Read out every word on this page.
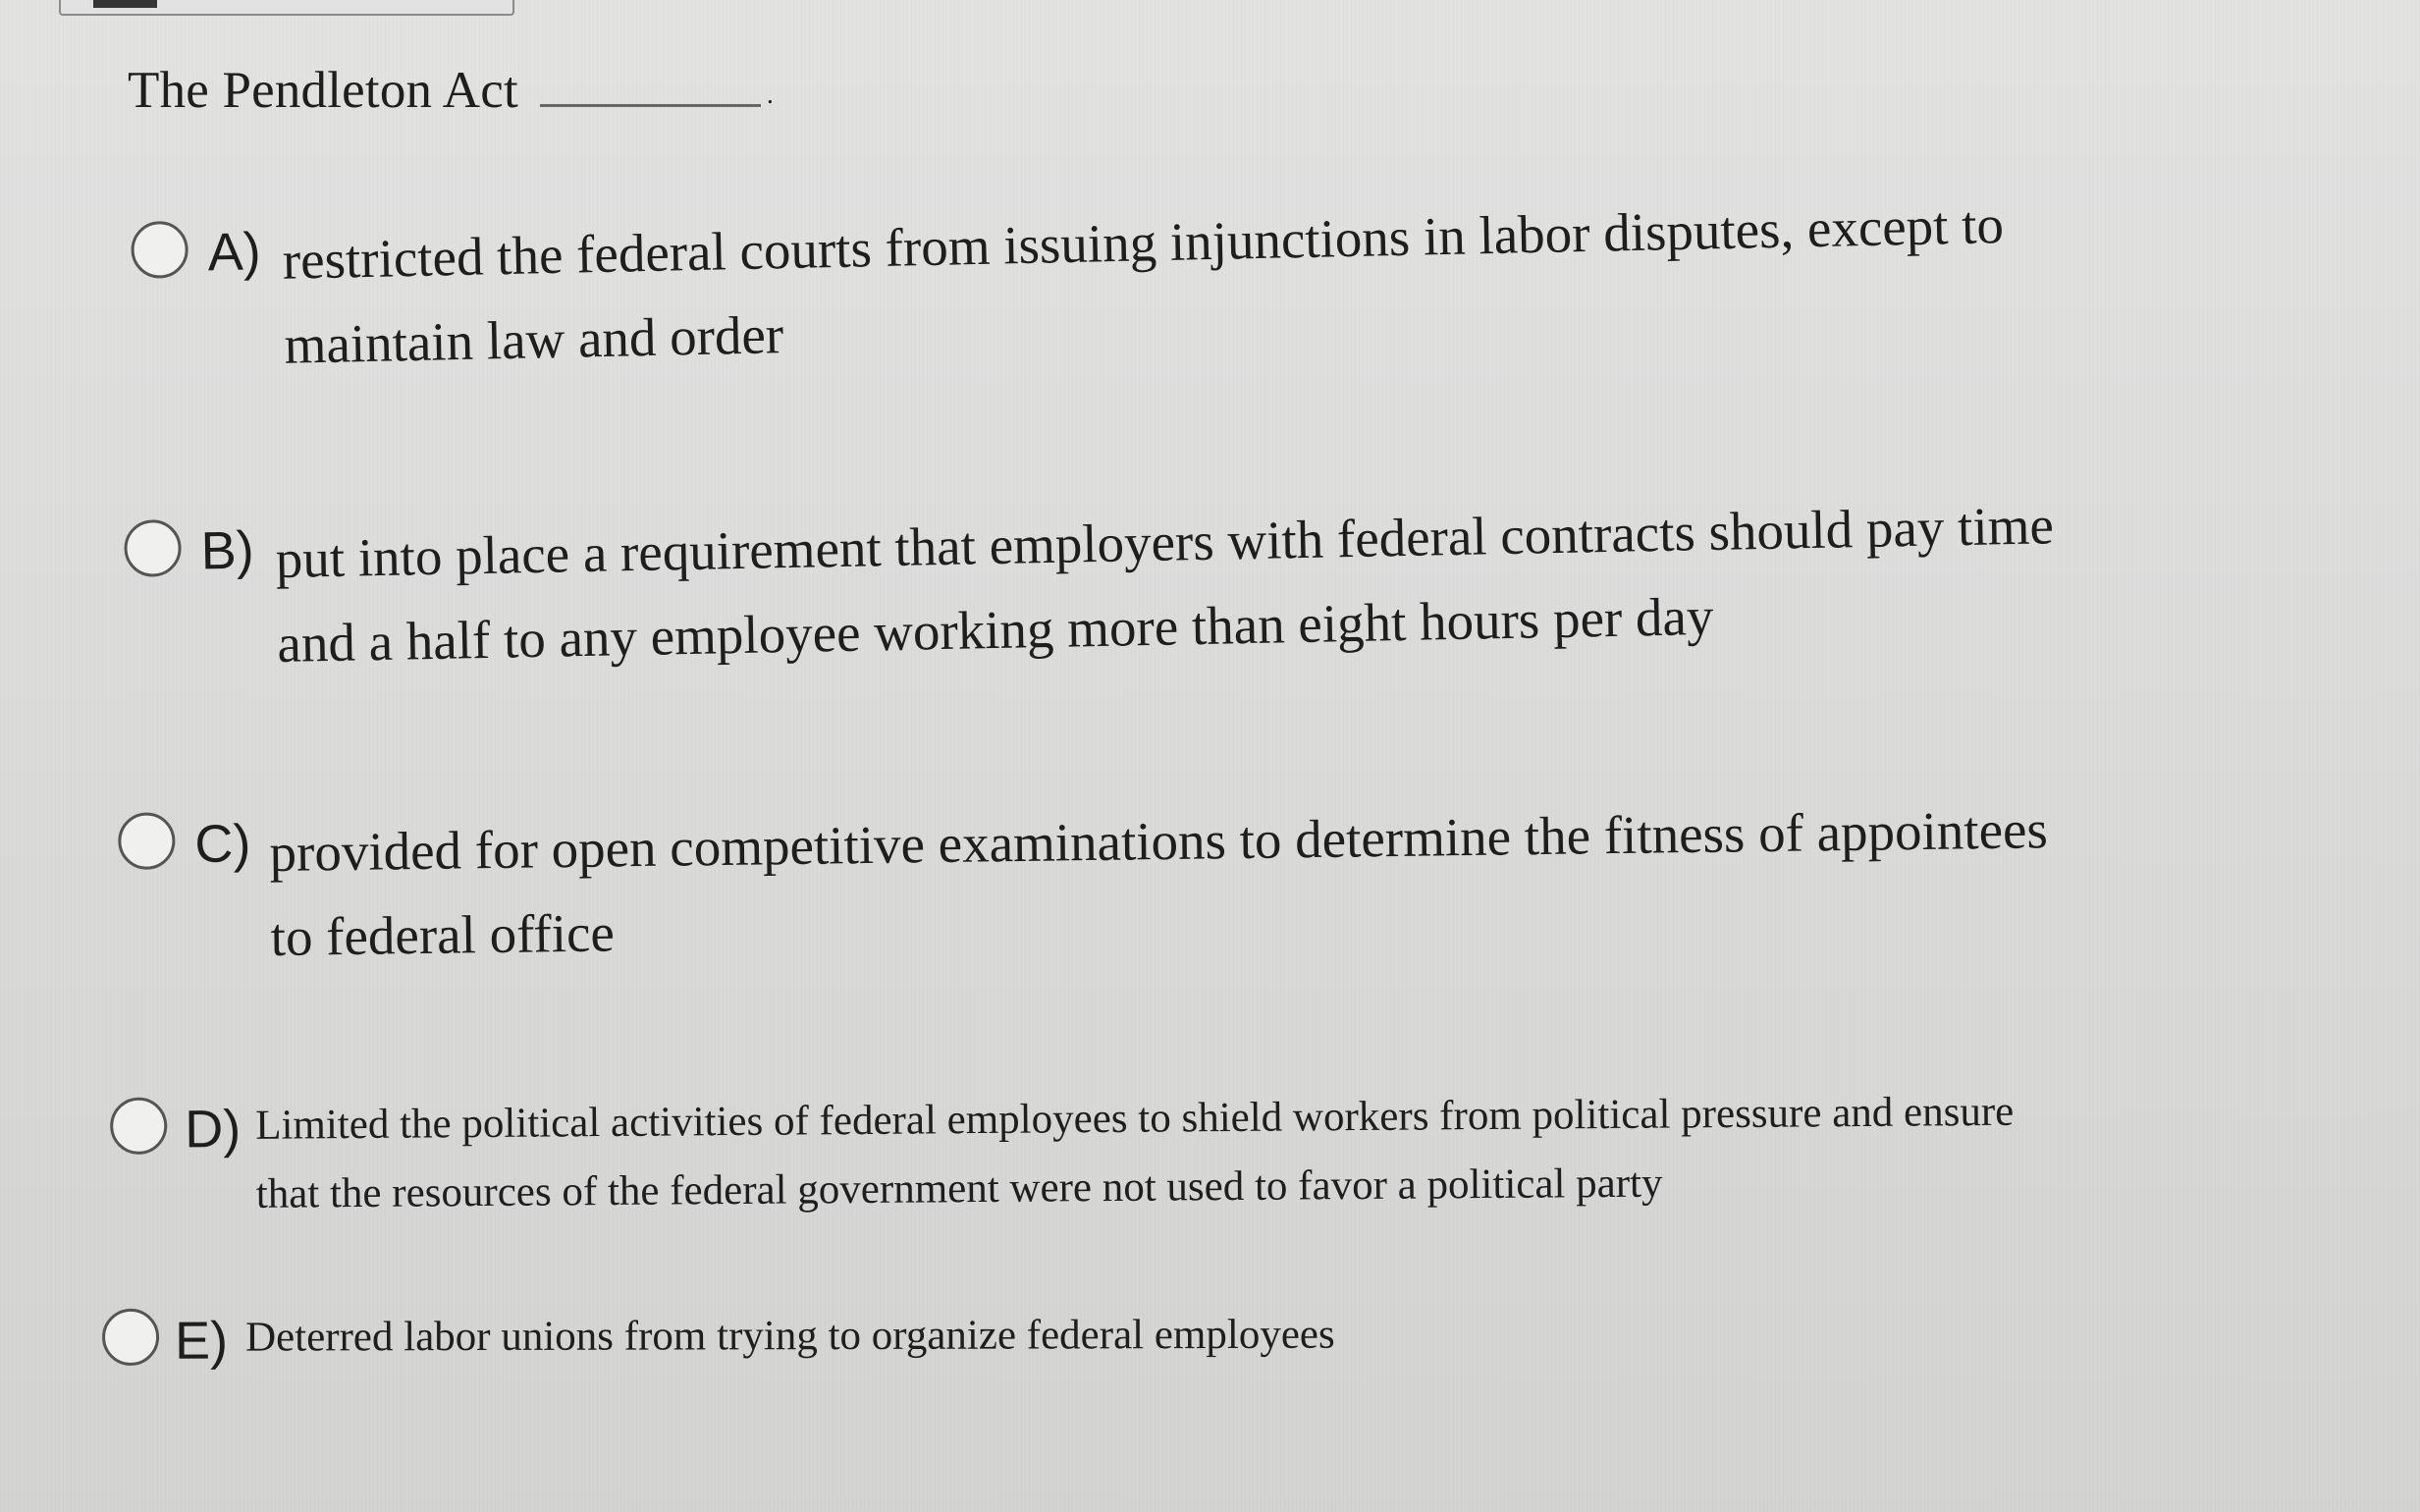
The Pendleton Act	.
A) restricted the federal courts from issuing injunctions in labor disputes, except to
maintain law and order
B) put into place a requirement that employers with federal contracts should pay time
and a half to any employee working more than eight hours per day
C) provided for open competitive examinations to determine the fitness of appointees
to federal office
D) Limited the political activities of federal employees to shield workers from political pressure and ensure
that the resources of the federal government were not used to favor a political party
E) Deterred labor unions from trying to organize federal employees
